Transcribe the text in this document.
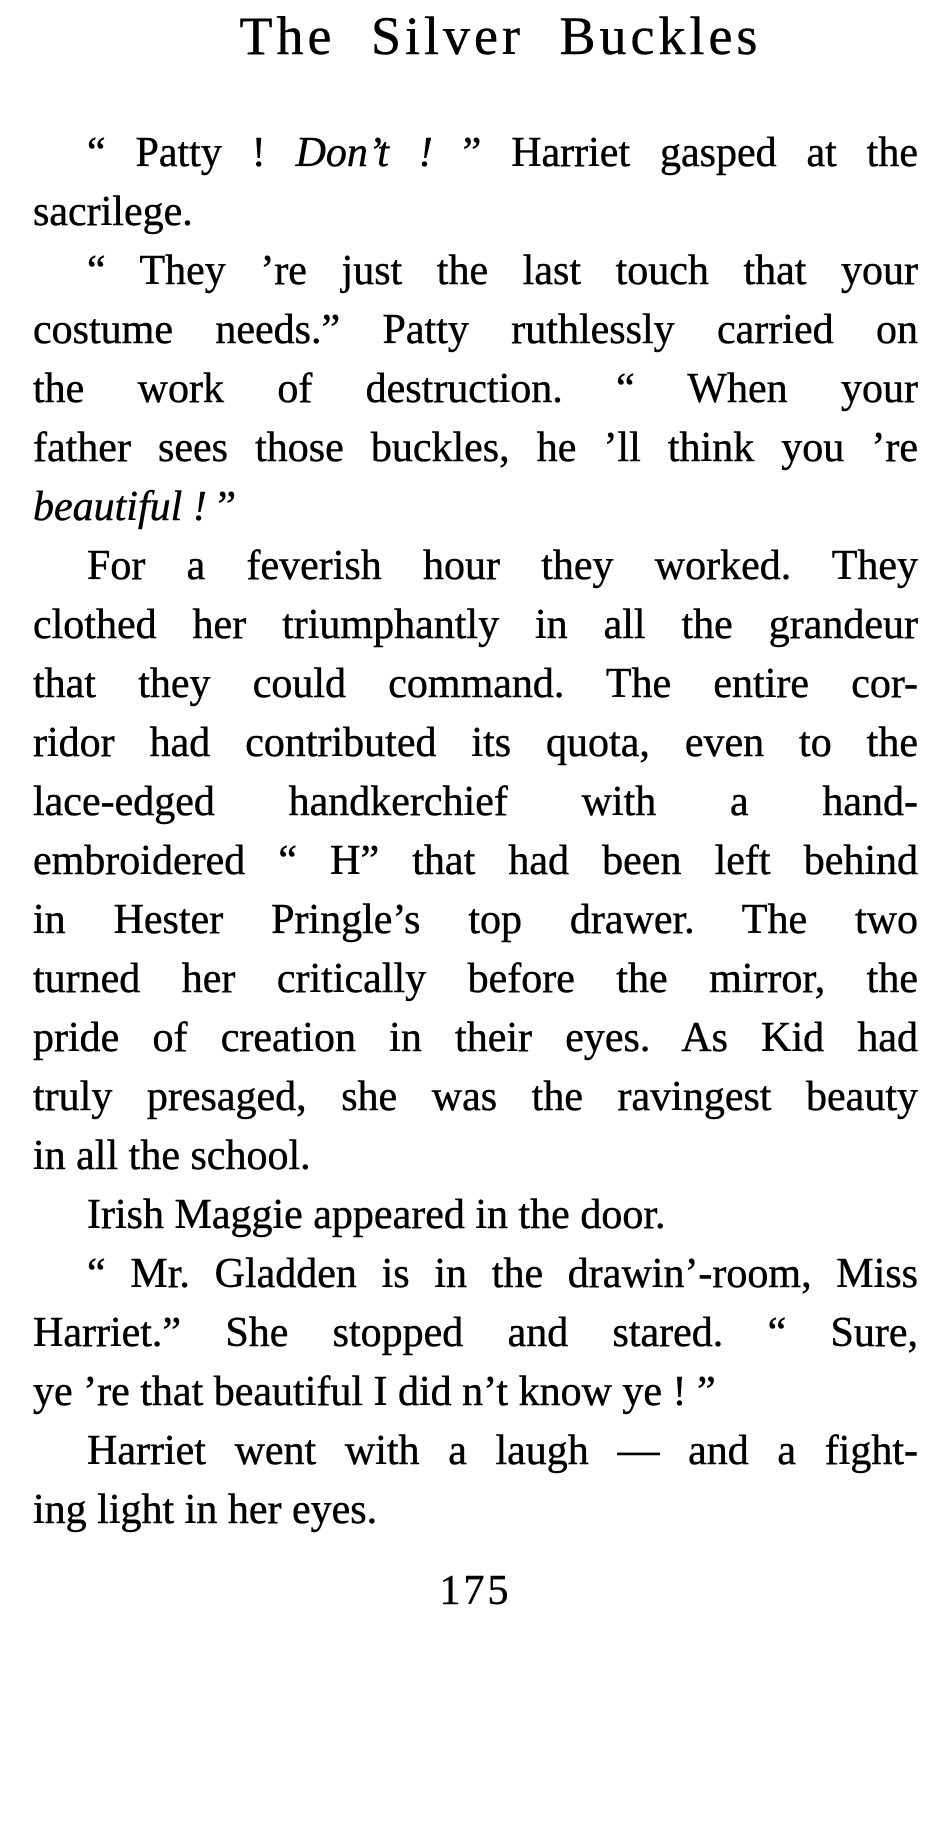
The Silver Buckles
“ Patty ! Don’t ! ” Harriet gasped at the
sacrilege.
“ They ’re just the last touch that your
costume needs.” Patty ruthlessly carried on
the work of destruction. “ When your
father sees those buckles, he ’ll think you ’re
beautiful ! ”
For a feverish hour they worked. They
clothed her triumphantly in all the grandeur
that they could command. The entire cor-
ridor had contributed its quota, even to the
lace-edged handkerchief with a hand-
embroidered “ H” that had been left behind
in Hester Pringle’s top drawer. The two
turned her critically before the mirror, the
pride of creation in their eyes. As Kid had
truly presaged, she was the ravingest beauty
in all the school.
Irish Maggie appeared in the door.
“ Mr. Gladden is in the drawin’-room, Miss
Harriet.” She stopped and stared. “ Sure,
ye ’re that beautiful I did n’t know ye ! ”
Harriet went with a laugh — and a fight-
ing light in her eyes.
175
